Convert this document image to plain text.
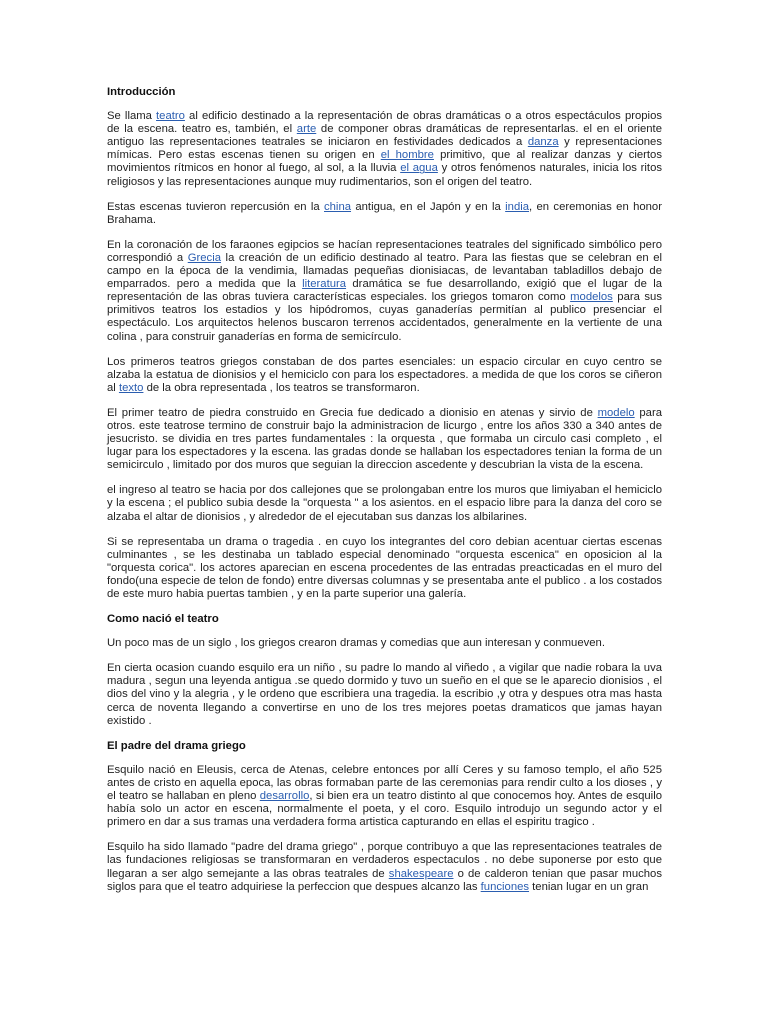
Introducción

Se llama teatro al edificio destinado a la representación de obras dramáticas o a otros espectáculos propios de la escena. teatro es, también, el arte de componer obras dramáticas de representarlas. el en el oriente antiguo las representaciones teatrales se iniciaron en festividades dedicados a danza y representaciones mímicas. Pero estas escenas tienen su origen en el hombre primitivo, que al realizar danzas y ciertos movimientos rítmicos en honor al fuego, al sol, a la lluvia el agua y otros fenómenos naturales, inicia los ritos religiosos y las representaciones aunque muy rudimentarios, son el origen del teatro.

Estas escenas tuvieron repercusión en la china antigua, en el Japón y en la india, en ceremonias en honor Brahama.

En la coronación de los faraones egipcios se hacían representaciones teatrales del significado simbólico pero correspondió a Grecia la creación de un edificio destinado al teatro. Para las fiestas que se celebran en el campo en la época de la vendimia, llamadas pequeñas dionisiacas, de levantaban tabladillos debajo de emparrados. pero a medida que la literatura dramática se fue desarrollando, exigió que el lugar de la representación de las obras tuviera características especiales. los griegos tomaron como modelos para sus primitivos teatros los estadios y los hipódromos, cuyas ganaderías permitían al publico presenciar el espectáculo. Los arquitectos helenos buscaron terrenos accidentados, generalmente en la vertiente de una colina , para construir ganaderías en forma de semicírculo.

Los primeros teatros griegos constaban de dos partes esenciales: un espacio circular en cuyo centro se alzaba la estatua de dionisios y el hemiciclo con para los espectadores. a medida de que los coros se ciñeron al texto de la obra representada , los teatros se transformaron.

El primer teatro de piedra construido en Grecia fue dedicado a dionisio en atenas y sirvio de modelo para otros. este teatrose termino de construir bajo la administracion de licurgo , entre los años 330 a 340 antes de jesucristo. se dividia en tres partes fundamentales : la orquesta , que formaba un circulo casi completo , el lugar para los espectadores y la escena. las gradas donde se hallaban los espectadores tenian la forma de un semicirculo , limitado por dos muros que seguian la direccion ascedente y descubrian la vista de la escena.

el ingreso al teatro se hacia por dos callejones que se prolongaban entre los muros que limiyaban el hemiciclo y la escena ; el publico subia desde la "orquesta " a los asientos. en el espacio libre para la danza del coro se alzaba el altar de dionisios , y alrededor de el ejecutaban sus danzas los albilarines.

Si se representaba un drama o tragedia . en cuyo los integrantes del coro debian acentuar ciertas escenas culminantes , se les destinaba un tablado especial denominado "orquesta escenica" en oposicion al la "orquesta corica". los actores aparecian en escena procedentes de las entradas preacticadas en el muro del fondo(una especie de telon de fondo) entre diversas columnas y se presentaba ante el publico . a los costados de este muro habia puertas tambien , y en la parte superior una galería.

Como nació el teatro

Un poco mas de un siglo , los griegos crearon dramas y comedias que aun interesan y conmueven.

En cierta ocasion cuando esquilo era un niño , su padre lo mando al viñedo , a vigilar que nadie robara la uva madura , segun una leyenda antigua .se quedo dormido y tuvo un sueño en el que se le aparecio dionisios , el dios del vino y la alegria , y le ordeno que escribiera una tragedia. la escribio ,y otra y despues otra mas hasta cerca de noventa llegando a convertirse en uno de los tres mejores poetas dramaticos que jamas hayan existido .

El padre del drama griego

Esquilo nació en Eleusis, cerca de Atenas, celebre entonces por allí Ceres y su famoso templo, el año 525 antes de cristo en aquella epoca, las obras formaban parte de las ceremonias para rendir culto a los dioses , y el teatro se hallaban en pleno desarrollo, si bien era un teatro distinto al que conocemos hoy. Antes de esquilo había solo un actor en escena, normalmente el poeta, y el coro. Esquilo introdujo un segundo actor y el primero en dar a sus tramas una verdadera forma artistica capturando en ellas el espiritu tragico .

Esquilo ha sido llamado "padre del drama griego" , porque contribuyo a que las representaciones teatrales de las fundaciones religiosas se transformaran en verdaderos espectaculos . no debe suponerse por esto que llegaran a ser algo semejante a las obras teatrales de shakespeare o de calderon tenian que pasar muchos siglos para que el teatro adquiriese la perfeccion que despues alcanzo las funciones tenian lugar en un gran
